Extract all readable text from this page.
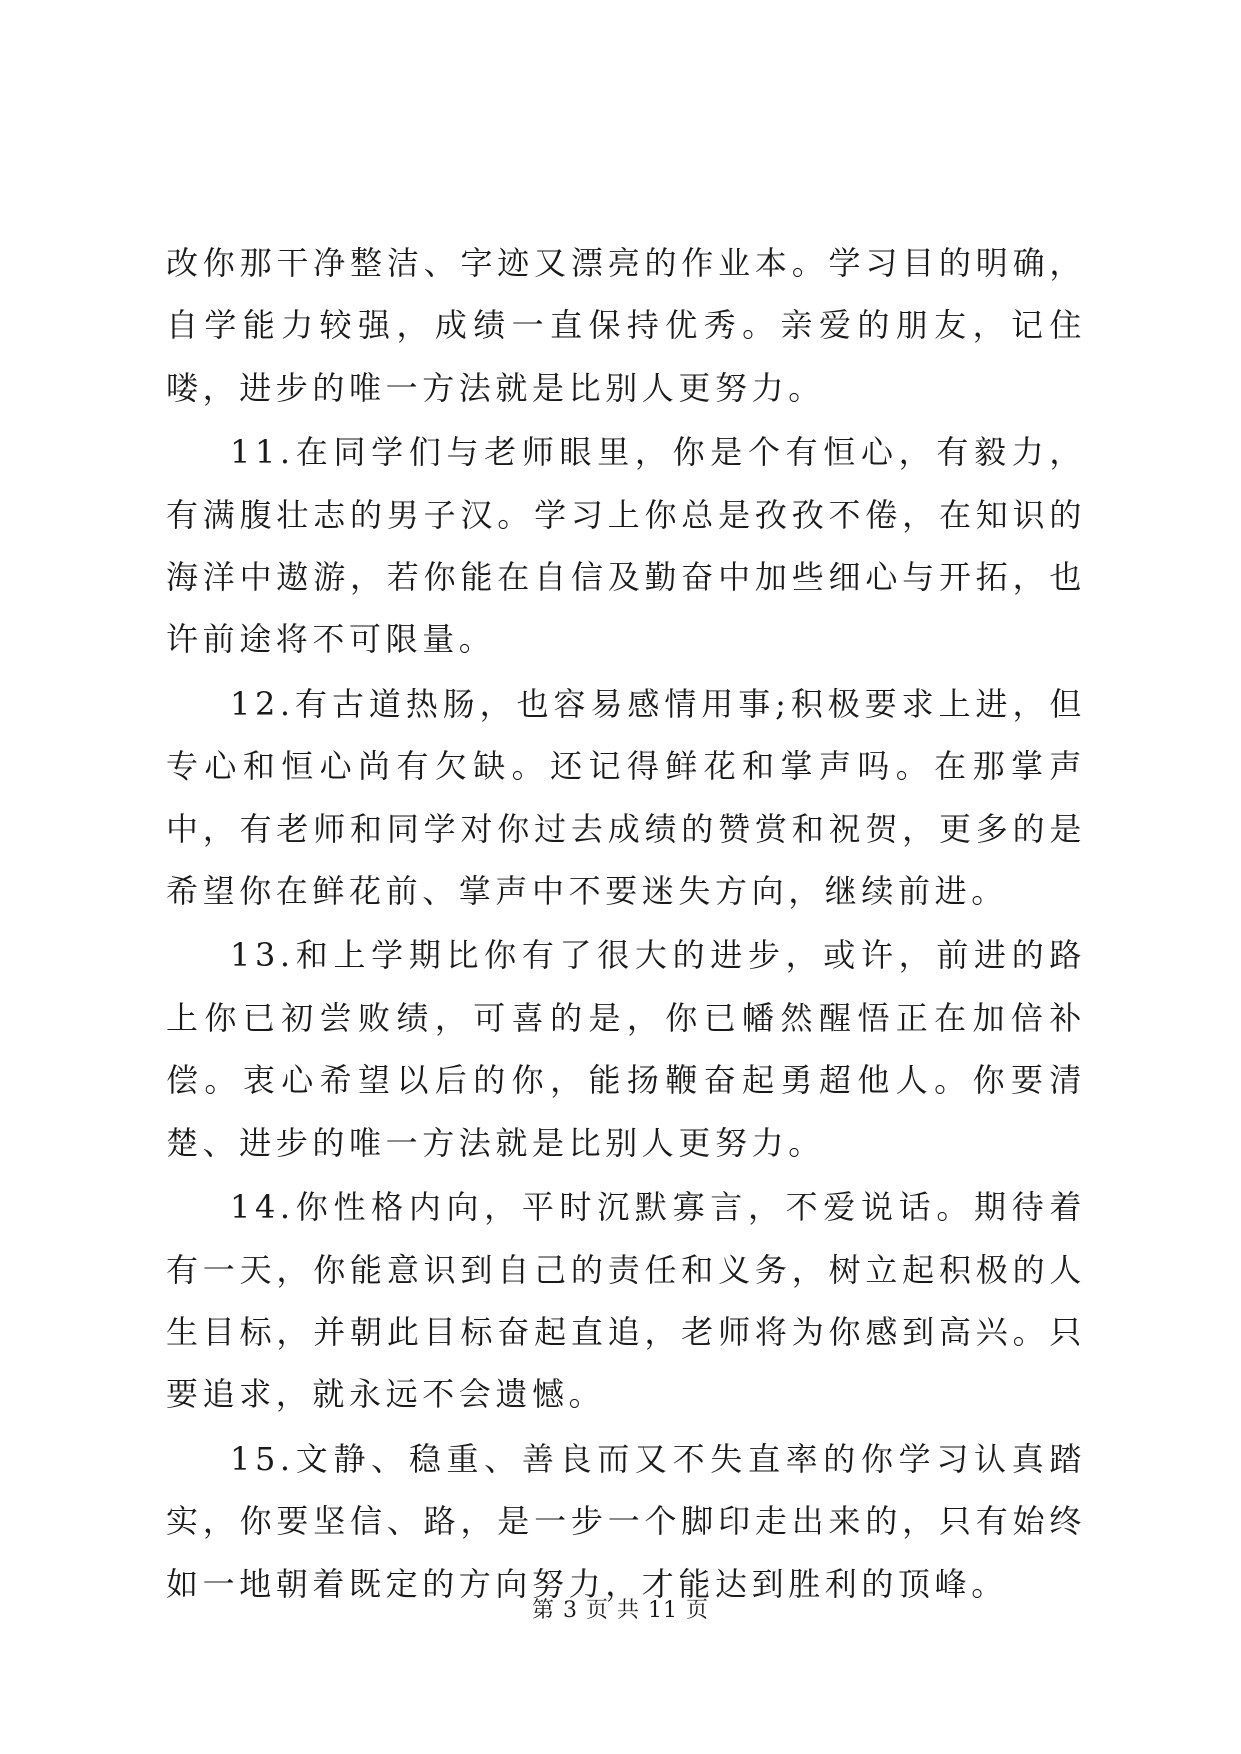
改你那干净整洁、字迹又漂亮的作业本。学习目的明确，自学能力较强，成绩一直保持优秀。亲爱的朋友，记住喽，进步的唯一方法就是比别人更努力。

11.在同学们与老师眼里，你是个有恒心，有毅力，有满腹壮志的男子汉。学习上你总是孜孜不倦，在知识的海洋中遨游，若你能在自信及勤奋中加些细心与开拓，也许前途将不可限量。

12.有古道热肠，也容易感情用事;积极要求上进，但专心和恒心尚有欠缺。还记得鲜花和掌声吗。在那掌声中，有老师和同学对你过去成绩的赞赏和祝贺，更多的是希望你在鲜花前、掌声中不要迷失方向，继续前进。

13.和上学期比你有了很大的进步，或许，前进的路上你已初尝败绩，可喜的是，你已幡然醒悟正在加倍补偿。衷心希望以后的你，能扬鞭奋起勇超他人。你要清楚、进步的唯一方法就是比别人更努力。

14.你性格内向，平时沉默寡言，不爱说话。期待着有一天，你能意识到自己的责任和义务，树立起积极的人生目标，并朝此目标奋起直追，老师将为你感到高兴。只要追求，就永远不会遗憾。

15.文静、稳重、善良而又不失直率的你学习认真踏实，你要坚信、路，是一步一个脚印走出来的，只有始终如一地朝着既定的方向努力，才能达到胜利的顶峰。

第 3 页 共 11 页
